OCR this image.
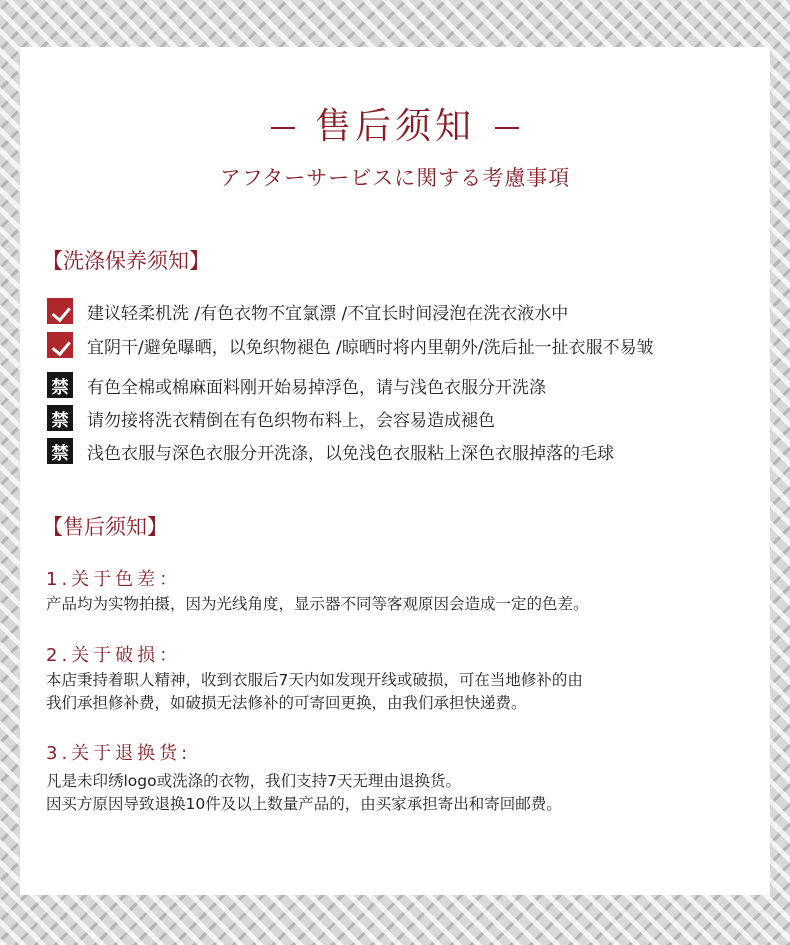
售后须知
アフターサービスに関する考慮事項
【洗涤保养须知】
建议轻柔机洗 /有色衣物不宜氯漂 /不宜长时间浸泡在洗衣液水中
宜阴干/避免曝晒，以免织物褪色 /晾晒时将内里朝外/洗后扯一扯衣服不易皱
禁 有色全棉或棉麻面料刚开始易掉浮色，请与浅色衣服分开洗涤
禁 请勿接将洗衣精倒在有色织物布料上，会容易造成褪色
禁 浅色衣服与深色衣服分开洗涤，以免浅色衣服粘上深色衣服掉落的毛球
【售后须知】
1.关于色差：
产品均为实物拍摄，因为光线角度，显示器不同等客观原因会造成一定的色差。
2.关于破损：
本店秉持着职人精神，收到衣服后7天内如发现开线或破损，可在当地修补的由
我们承担修补费，如破损无法修补的可寄回更换，由我们承担快递费。
3.关于退换货:
凡是未印绣logo或洗涤的衣物，我们支持7天无理由退换货。
因买方原因导致退换10件及以上数量产品的，由买家承担寄出和寄回邮费。
